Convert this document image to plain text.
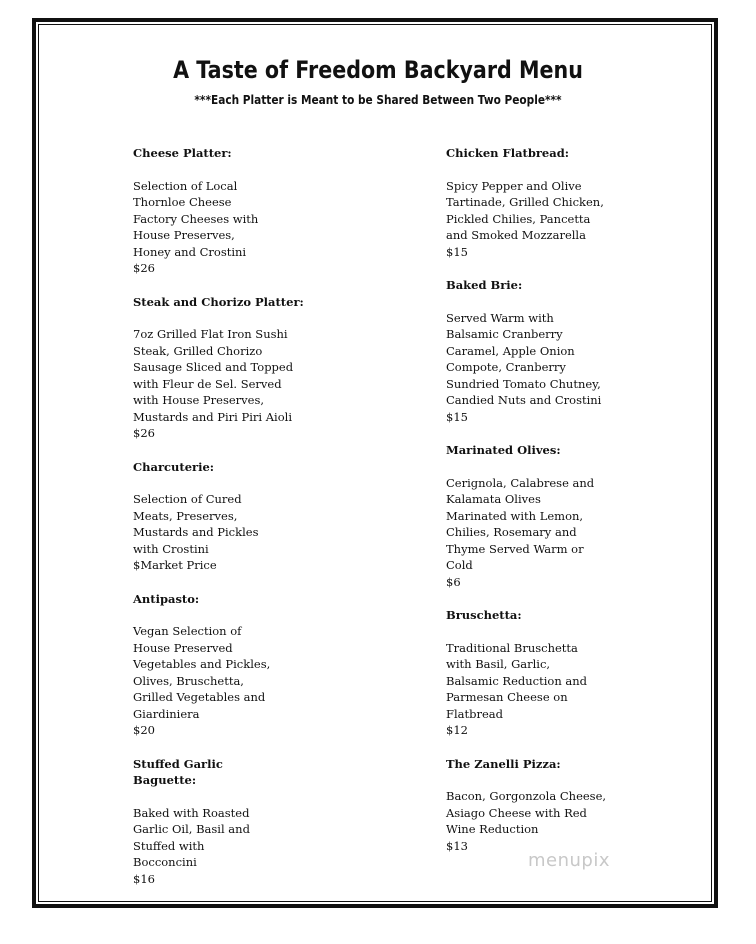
A Taste of Freedom Backyard Menu
***Each Platter is Meant to be Shared Between Two People***
Cheese Platter:
Selection of Local
Thornloe Cheese
Factory Cheeses with
House Preserves,
Honey and Crostini
$26
Steak and Chorizo Platter:
7oz Grilled Flat Iron Sushi
Steak, Grilled Chorizo
Sausage Sliced and Topped
with Fleur de Sel. Served
with House Preserves,
Mustards and Piri Piri Aioli
$26
Charcuterie:
Selection of Cured
Meats, Preserves,
Mustards and Pickles
with Crostini
$Market Price
Antipasto:
Vegan Selection of
House Preserved
Vegetables and Pickles,
Olives, Bruschetta,
Grilled Vegetables and
Giardiniera
$20
Stuffed Garlic
Baguette:
Baked with Roasted
Garlic Oil, Basil and
Stuffed with
Bocconcini
$16
Chicken Flatbread:
Spicy Pepper and Olive
Tartinade, Grilled Chicken,
Pickled Chilies, Pancetta
and Smoked Mozzarella
$15
Baked Brie:
Served Warm with
Balsamic Cranberry
Caramel, Apple Onion
Compote, Cranberry
Sundried Tomato Chutney,
Candied Nuts and Crostini
$15
Marinated Olives:
Cerignola, Calabrese and
Kalamata Olives
Marinated with Lemon,
Chilies, Rosemary and
Thyme Served Warm or
Cold
$6
Bruschetta:
Traditional Bruschetta
with Basil, Garlic,
Balsamic Reduction and
Parmesan Cheese on
Flatbread
$12
The Zanelli Pizza:
Bacon, Gorgonzola Cheese,
Asiago Cheese with Red
Wine Reduction
$13
menupix
